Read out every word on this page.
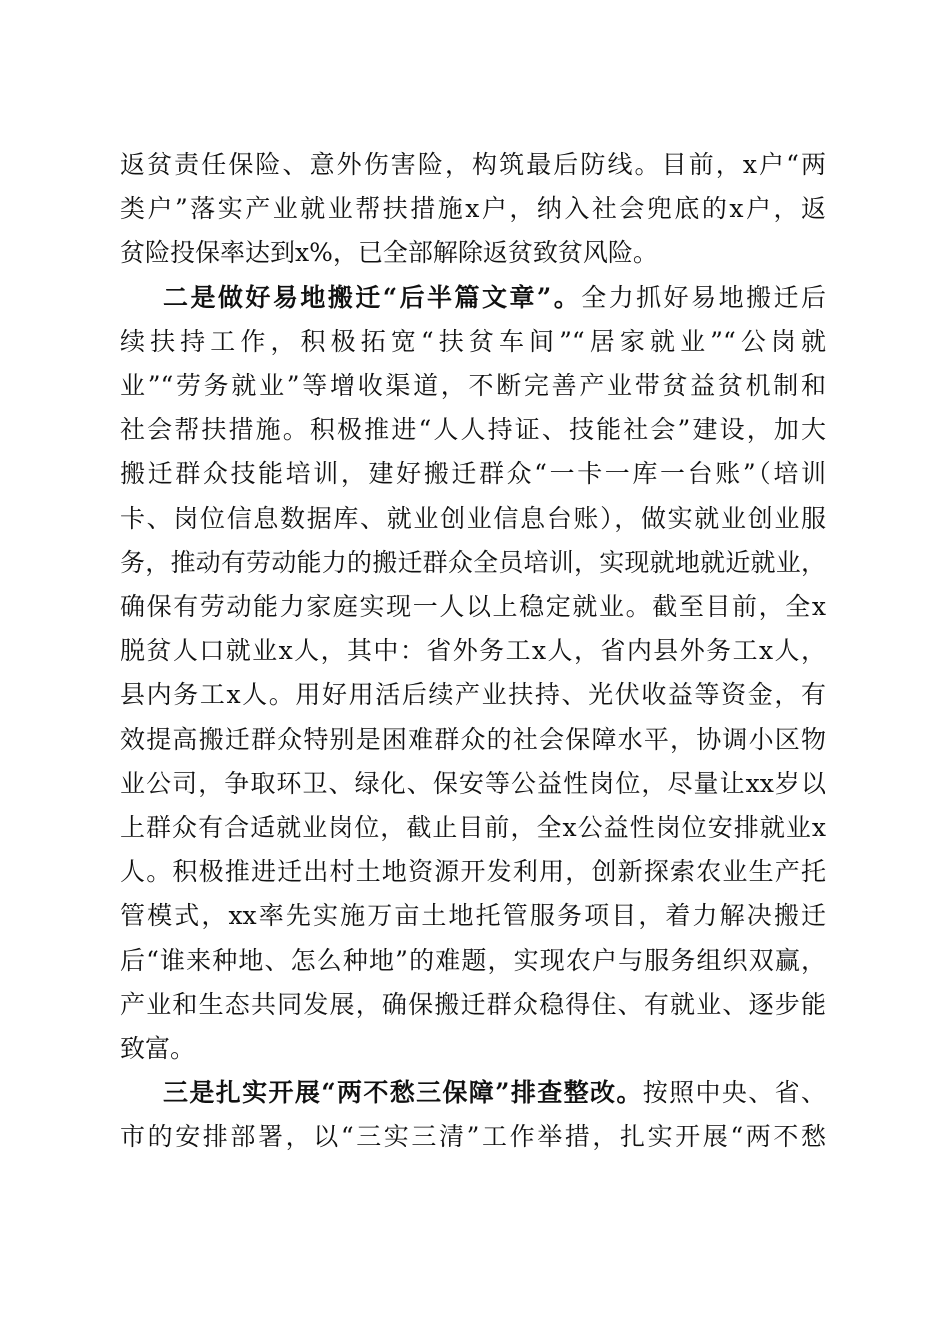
返贫责任保险、意外伤害险，构筑最后防线。目前，x户“两
类户”落实产业就业帮扶措施x户，纳入社会兜底的x户，返
贫险投保率达到x%，已全部解除返贫致贫风险。
二是做好易地搬迁“后半篇文章”。全力抓好易地搬迁后
续扶持工作，积极拓宽“扶贫车间”“居家就业”“公岗就
业”“劳务就业”等增收渠道，不断完善产业带贫益贫机制和
社会帮扶措施。积极推进“人人持证、技能社会”建设，加大
搬迁群众技能培训，建好搬迁群众“一卡一库一台账”（培训
卡、岗位信息数据库、就业创业信息台账），做实就业创业服
务，推动有劳动能力的搬迁群众全员培训，实现就地就近就业，
确保有劳动能力家庭实现一人以上稳定就业。截至目前，全x
脱贫人口就业x人，其中：省外务工x人，省内县外务工x人，
县内务工x人。用好用活后续产业扶持、光伏收益等资金，有
效提高搬迁群众特别是困难群众的社会保障水平，协调小区物
业公司，争取环卫、绿化、保安等公益性岗位，尽量让xx岁以
上群众有合适就业岗位，截止目前，全x公益性岗位安排就业x
人。积极推进迁出村土地资源开发利用，创新探索农业生产托
管模式，xx率先实施万亩土地托管服务项目，着力解决搬迁
后“谁来种地、怎么种地”的难题，实现农户与服务组织双赢，
产业和生态共同发展，确保搬迁群众稳得住、有就业、逐步能
致富。
三是扎实开展“两不愁三保障”排查整改。按照中央、省、
市的安排部署，以“三实三清”工作举措，扎实开展“两不愁
